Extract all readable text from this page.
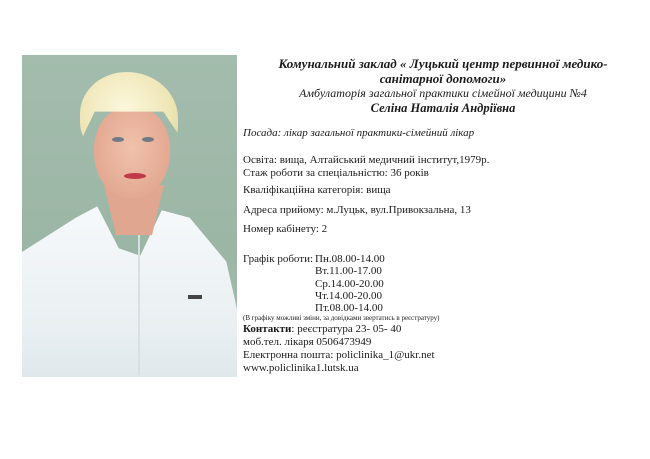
Комунальний заклад « Луцький центр первинної медико-
санітарної допомоги»
Амбулаторія загальної практики сімейної медицини №4
Селіна Наталія Андріївна
Посада: лікар загальної практики-сімейний лікар
Освіта: вища, Алтайський медичний інститут,1979р.
Стаж роботи за спеціальністю: 36 років
Кваліфікаційна категорія: вища
Адреса прийому: м.Луцьк, вул.Привокзальна, 13
Номер кабінету: 2
Графік роботи: Пн.08.00-14.00
Вт.11.00-17.00
Ср.14.00-20.00
Чт.14.00-20.00
Пт.08.00-14.00
(В графіку можливі зміни, за довідками звертатись в реєстратуру)
Контакти: реєстратура 23- 05- 40
моб.тел. лікаря 0506473949
Електронна пошта: policlinika_1@ukr.net
www.policlinika1.lutsk.ua
